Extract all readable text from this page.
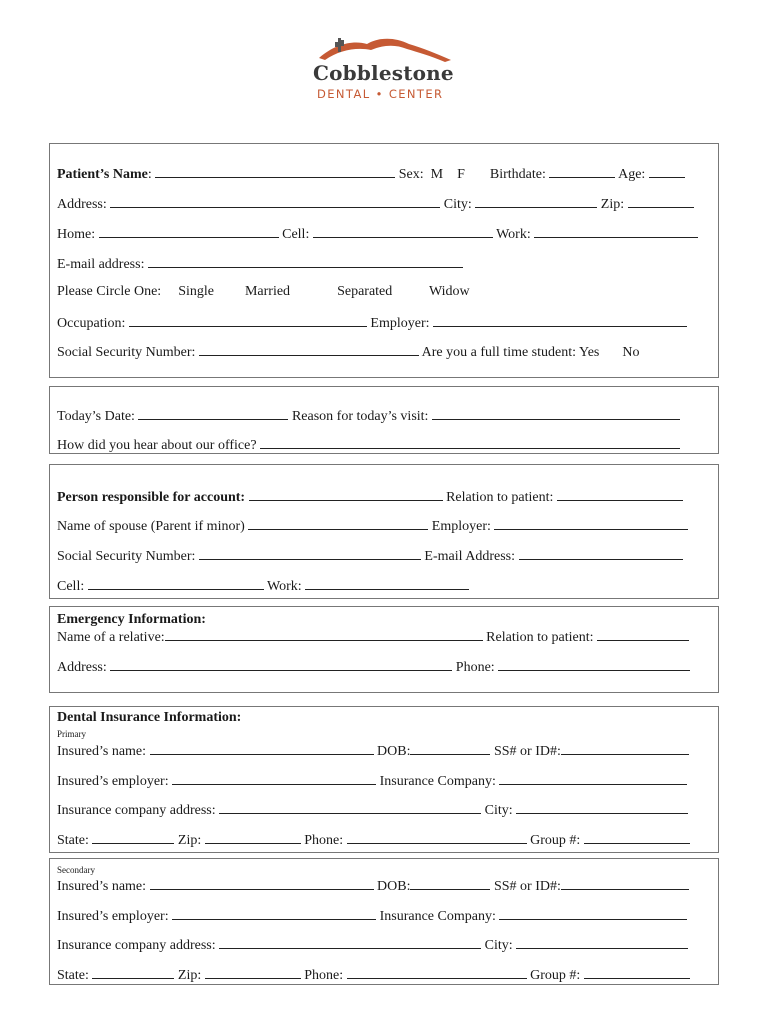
Cobblestone
DENTAL • CENTER
Patient’s Name:	Sex: M F Birthdate:	Age:
Address:	City:	Zip:
Home:	Cell:	Work:
E-mail address:
Please Circle One: Single Married	Separated	Widow
Occupation:	Employer:
Social Security Number:	Are you a full time student: Yes No
Today’s Date:	Reason for today’s visit:
How did you hear about our office?
Person responsible for account:	Relation to patient:
Name of spouse (Parent if minor)	Employer:
Social Security Number:	E-mail Address:
Cell:	Work:
Emergency Information:
Name of a relative:	Relation to patient:
Address:	Phone:
Dental Insurance Information:
Primary
Insured’s name:	DOB:	SS# or ID#:
Insured’s employer:	Insurance Company:
Insurance company address:	City:
State:	Zip:	Phone:	Group #:
Secondary
Insured’s name:	DOB:	SS# or ID#:
Insured’s employer:	Insurance Company:
Insurance company address:	City:
State:	Zip:	Phone:	Group #:
